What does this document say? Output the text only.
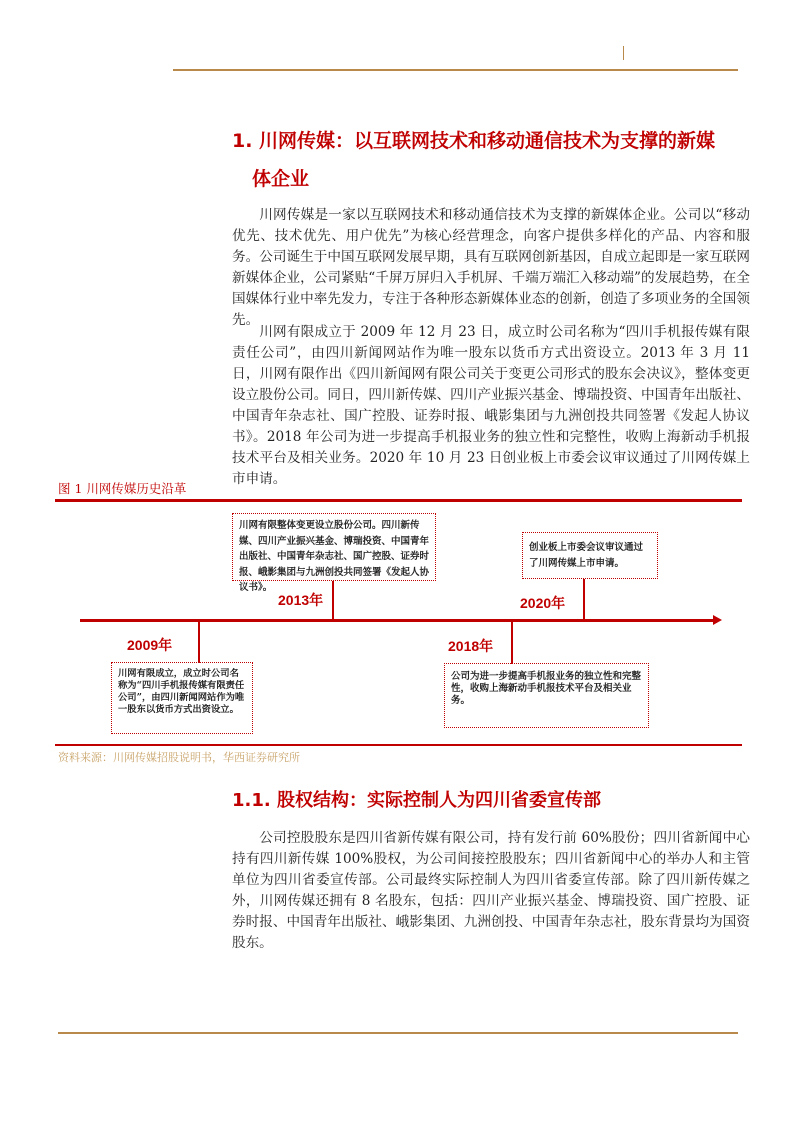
1. 川网传媒：以互联网技术和移动通信技术为支撑的新媒
体企业

川网传媒是一家以互联网技术和移动通信技术为支撑的新媒体企业。公司以“移动优先、技术优先、用户优先”为核心经营理念，向客户提供多样化的产品、内容和服务。公司诞生于中国互联网发展早期，具有互联网创新基因，自成立起即是一家互联网新媒体企业，公司紧贴“千屏万屏归入手机屏、千端万端汇入移动端”的发展趋势，在全国媒体行业中率先发力，专注于各种形态新媒体业态的创新，创造了多项业务的全国领先。

川网有限成立于 2009 年 12 月 23 日，成立时公司名称为“四川手机报传媒有限责任公司”，由四川新闻网站作为唯一股东以货币方式出资设立。2013 年 3 月 11 日，川网有限作出《四川新闻网有限公司关于变更公司形式的股东会决议》，整体变更设立股份公司。同日，四川新传媒、四川产业振兴基金、博瑞投资、中国青年出版社、中国青年杂志社、国广控股、证券时报、峨影集团与九洲创投共同签署《发起人协议书》。2018 年公司为进一步提高手机报业务的独立性和完整性，收购上海新动手机报技术平台及相关业务。2020 年 10 月 23 日创业板上市委会议审议通过了川网传媒上市申请。

图 1 川网传媒历史沿革
川网有限整体变更设立股份公司。四川新传媒、四川产业振兴基金、博瑞投资、中国青年出版社、中国青年杂志社、国广控股、证券时报、峨影集团与九洲创投共同签署《发起人协议书》。
2013年
创业板上市委会议审议通过了川网传媒上市申请。
2020年
2009年
川网有限成立，成立时公司名称为“四川手机报传媒有限责任公司”，由四川新闻网站作为唯一股东以货币方式出资设立。
2018年
公司为进一步提高手机报业务的独立性和完整性，收购上海新动手机报技术平台及相关业务。
资料来源：川网传媒招股说明书，华西证券研究所
1.1. 股权结构：实际控制人为四川省委宣传部

公司控股股东是四川省新传媒有限公司，持有发行前 60%股份；四川省新闻中心持有四川新传媒 100%股权，为公司间接控股股东；四川省新闻中心的举办人和主管单位为四川省委宣传部。公司最终实际控制人为四川省委宣传部。除了四川新传媒之外，川网传媒还拥有 8 名股东，包括：四川产业振兴基金、博瑞投资、国广控股、证券时报、中国青年出版社、峨影集团、九洲创投、中国青年杂志社，股东背景均为国资股东。
